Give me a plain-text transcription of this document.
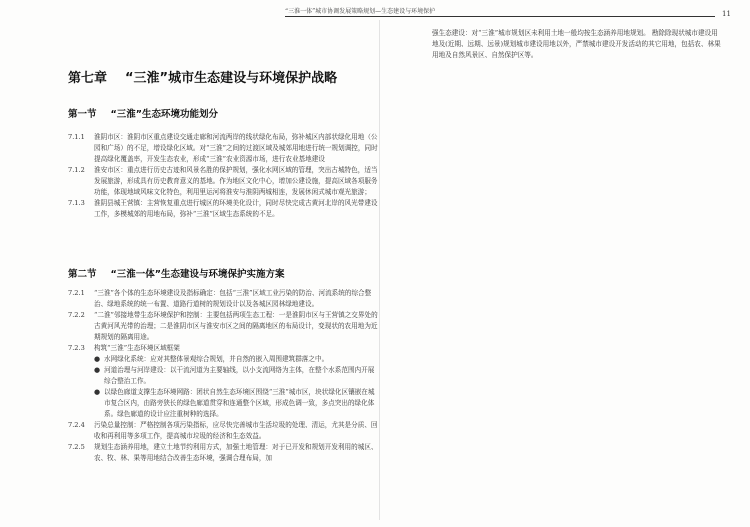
“三淮一体”城市协调发展策略规划—生态建设与环境保护	11
强生态建设：对“三淮”城市规划区未利用土地一般均按生态涵养用地规划。 勘除除现状城市建设用地及(近期、远期、远景)规划城市建设用地以外，严禁城市建设开发活动的其它用地，包括农、林果用地及自然风景区、自然保护区等。
第七章 “三淮”城市生态建设与环境保护战略
第一节 “三淮”生态环境功能划分
7.1.1	淮阴市区：淮阴市区重点建设交通走廊和河流两岸的线状绿化布局，弥补城区内部状绿化用地（公园和广场）的不足，增设绿化区域。对“三淮”之间的过渡区域及城郊用地进行统一规划调控，同时提高绿化覆盖率，开发生态农业，形成“三淮”农业资源市场，进行农业基地建设
7.1.2	淮安市区：重点进行历史古迹和风景名胜的保护规划，强化水网区域的管理，突出古城特色，适当发展旅游，形成具有历史教育意义的基地。作为地区文化中心，增加公建设施，提高区域各项服务功能，体现地域风味文化特色，利用里运河将淮安与淮阴两城相连，发展休闲式城市观光旅游；
7.1.3	淮阴县城王营镇：主营恢复重点进行城区的环境美化设计，同时尽快完成古黄河北岸的风光带建设工作，多模城郊的用地布局，弥补“三淮”区域生态系统的不足。
第二节 “三淮一体”生态建设与环境保护实施方案
7.2.1	“三淮”各个体的生态环境建设及指标确定：包括“三淮”区域工业污染的防治、河流系统的综合整治、绿地系统的统一布置、道路行道树的规划设计以及各城区园林绿地建设。
7.2.2	“二淮”邻接地带生态环境保护和控制：主要包括两项生态工程：一是淮阴市区与王营镇之交界处的古黄河风光带的治理；二是淮阴市区与淮安市区之间的隔离地区的布局设计，变现状的农用地为近期规划的隔离用途。
7.2.3	构筑“三淮”生态环境区域框架
● 水网绿化系统：应对其整体景观综合规划，并自然的嵌入周围建筑群落之中。
● 河道治理与河岸建设：以干流河道为主要轴线，以小支流网络为主体，在整个水系范围内开展综合整治工作。
● 以绿色廊道支撑生态环境网路：团状自然生态环境区围绕“三淮”城市区，块状绿化区镶嵌在城市复合区内，由路旁狭长的绿色廊道贯穿和连通整个区域，形成色调一致，多点突出的绿化体系。绿色廊道的设计应注重树种的选择。
7.2.4	污染总量控制：严格控制各项污染指标，应尽快完善城市生活垃圾的处理、清运，尤其是分质、回收和再利用等多项工作，提高城市垃圾的经济和生态效益。
7.2.5	规划生态涵养用地，建立土地节约利用方式，加强土地管理：对于已开发和规划开发利用的城区、农、牧、林、果等用地结合改善生态环境，强调合理布局，加
